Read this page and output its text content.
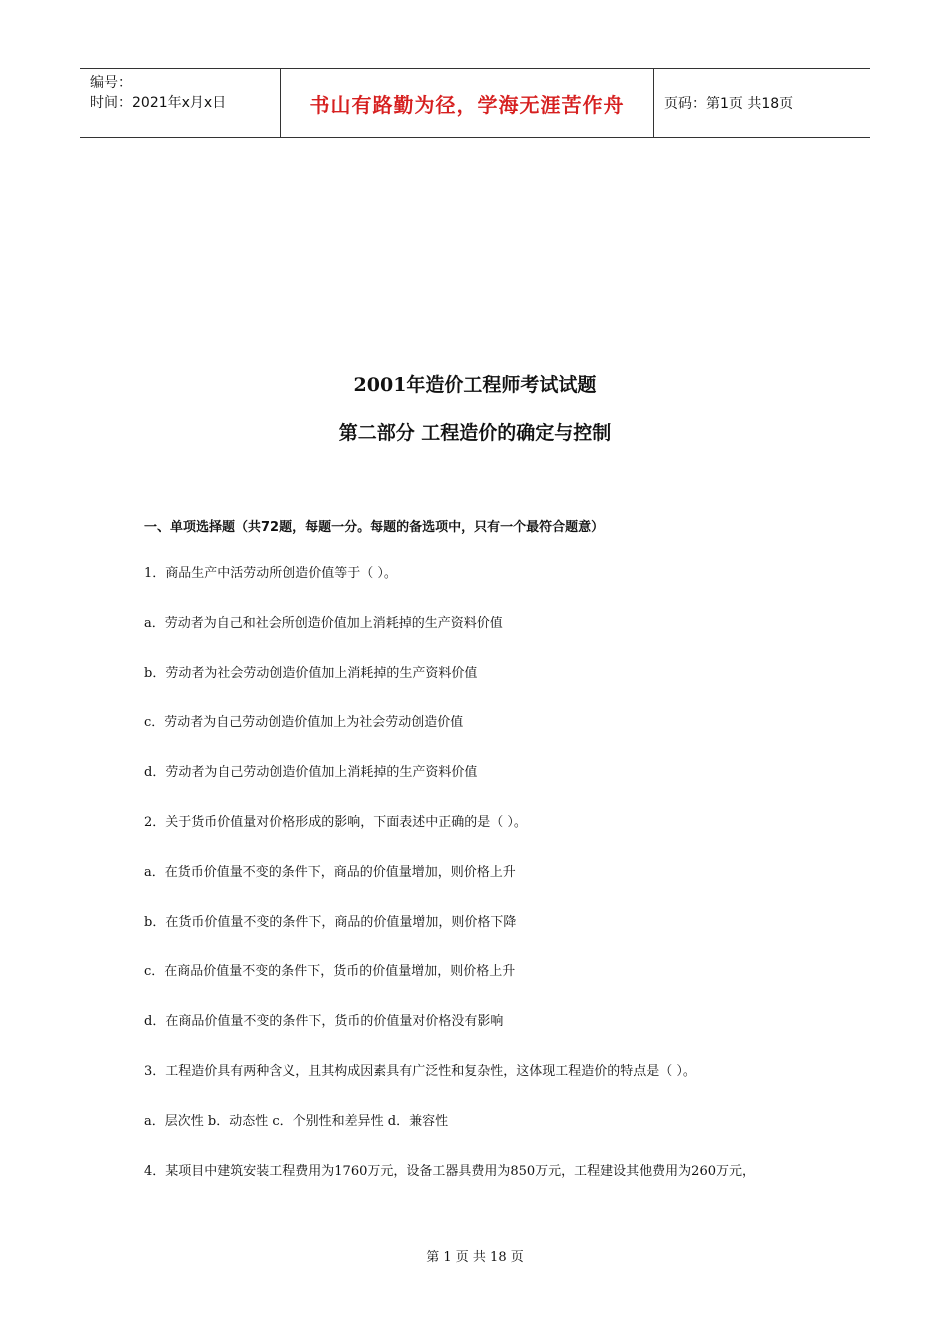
编号：
时间：2021年x月x日	书山有路勤为径，学海无涯苦作舟	页码：第1页 共18页
2001年造价工程师考试试题
第二部分 工程造价的确定与控制
一、单项选择题（共72题，每题一分。每题的备选项中，只有一个最符合题意）
1．商品生产中活劳动所创造价值等于（ ）。
a．劳动者为自己和社会所创造价值加上消耗掉的生产资料价值
b．劳动者为社会劳动创造价值加上消耗掉的生产资料价值
c．劳动者为自己劳动创造价值加上为社会劳动创造价值
d．劳动者为自己劳动创造价值加上消耗掉的生产资料价值
2．关于货币价值量对价格形成的影响，下面表述中正确的是（ ）。
a．在货币价值量不变的条件下，商品的价值量增加，则价格上升
b．在货币价值量不变的条件下，商品的价值量增加，则价格下降
c．在商品价值量不变的条件下，货币的价值量增加，则价格上升
d．在商品价值量不变的条件下，货币的价值量对价格没有影响
3．工程造价具有两种含义，且其构成因素具有广泛性和复杂性，这体现工程造价的特点是（ ）。
a．层次性 b．动态性 c．个别性和差异性 d．兼容性
4．某项目中建筑安装工程费用为1760万元，设备工器具费用为850万元，工程建设其他费用为260万元，
第 1 页 共 18 页
